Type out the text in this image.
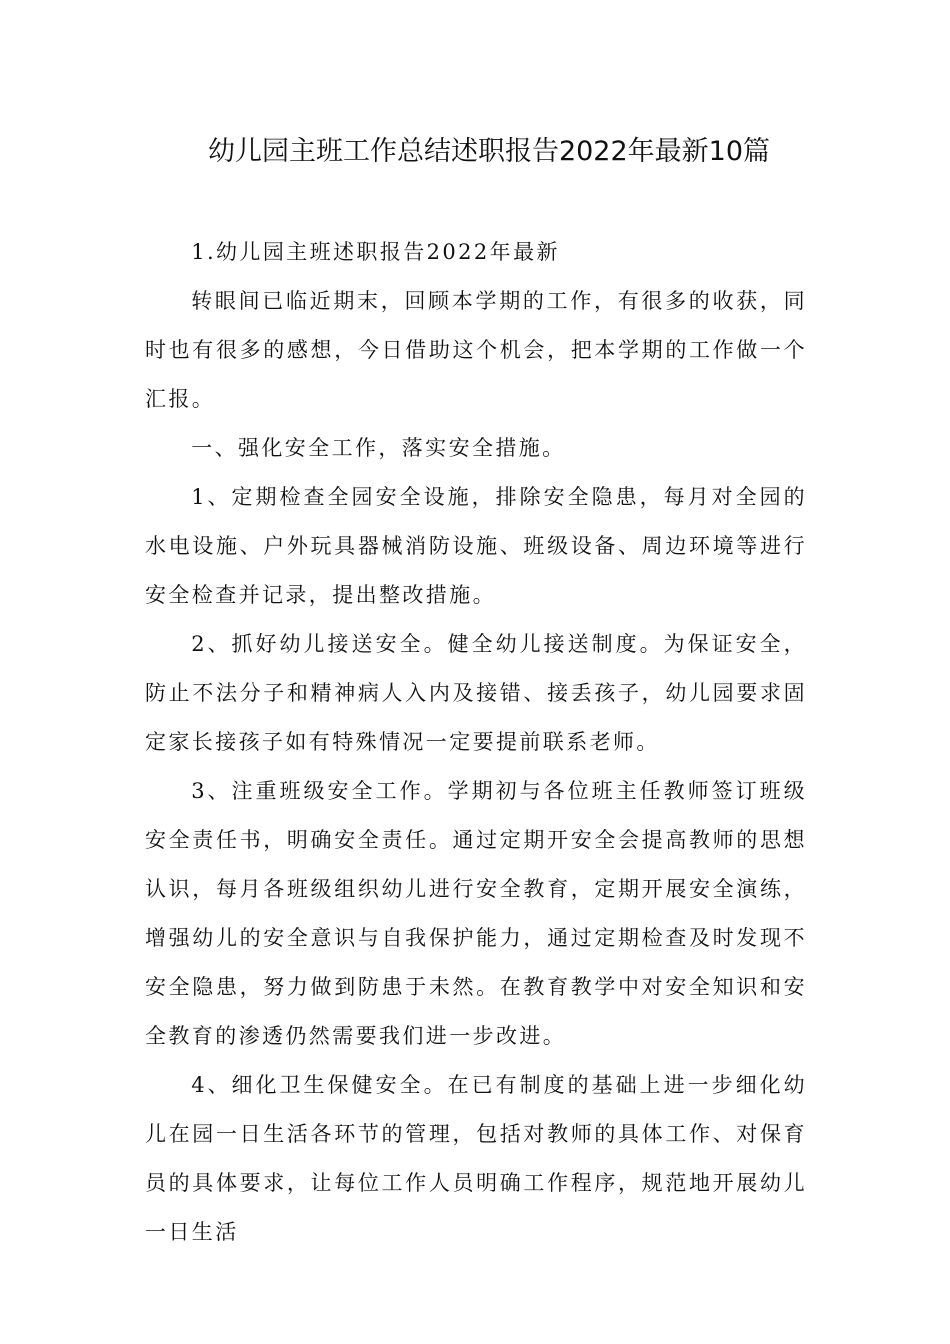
幼儿园主班工作总结述职报告2022年最新10篇

1.幼儿园主班述职报告2022年最新

转眼间已临近期末，回顾本学期的工作，有很多的收获，同时也有很多的感想，今日借助这个机会，把本学期的工作做一个汇报。

一、强化安全工作，落实安全措施。

1、定期检查全园安全设施，排除安全隐患，每月对全园的水电设施、户外玩具器械消防设施、班级设备、周边环境等进行安全检查并记录，提出整改措施。

2、抓好幼儿接送安全。健全幼儿接送制度。为保证安全，防止不法分子和精神病人入内及接错、接丢孩子，幼儿园要求固定家长接孩子如有特殊情况一定要提前联系老师。

3、注重班级安全工作。学期初与各位班主任教师签订班级安全责任书，明确安全责任。通过定期开安全会提高教师的思想认识，每月各班级组织幼儿进行安全教育，定期开展安全演练，增强幼儿的安全意识与自我保护能力，通过定期检查及时发现不安全隐患，努力做到防患于未然。在教育教学中对安全知识和安全教育的渗透仍然需要我们进一步改进。

4、细化卫生保健安全。在已有制度的基础上进一步细化幼儿在园一日生活各环节的管理，包括对教师的具体工作、对保育员的具体要求，让每位工作人员明确工作程序，规范地开展幼儿一日生活
